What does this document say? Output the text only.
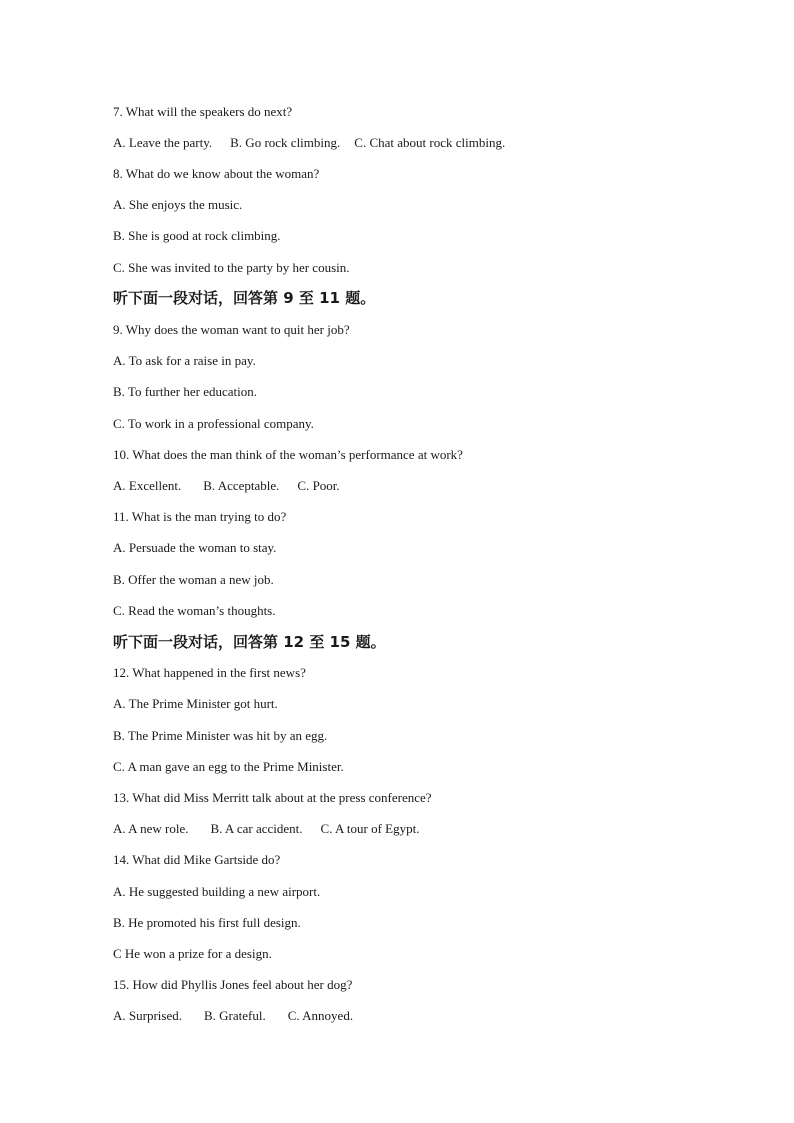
7. What will the speakers do next?
A. Leave the party. B. Go rock climbing. C. Chat about rock climbing.
8. What do we know about the woman?
A. She enjoys the music.
B. She is good at rock climbing.
C. She was invited to the party by her cousin.
听下面一段对话，回答第 9 至 11 题。
9. Why does the woman want to quit her job?
A. To ask for a raise in pay.
B. To further her education.
C. To work in a professional company.
10. What does the man think of the woman’s performance at work?
A. Excellent. B. Acceptable. C. Poor.
11. What is the man trying to do?
A. Persuade the woman to stay.
B. Offer the woman a new job.
C. Read the woman’s thoughts.
听下面一段对话，回答第 12 至 15 题。
12. What happened in the first news?
A. The Prime Minister got hurt.
B. The Prime Minister was hit by an egg.
C. A man gave an egg to the Prime Minister.
13. What did Miss Merritt talk about at the press conference?
A. A new role. B. A car accident. C. A tour of Egypt.
14. What did Mike Gartside do?
A. He suggested building a new airport.
B. He promoted his first full design.
C He won a prize for a design.
15. How did Phyllis Jones feel about her dog?
A. Surprised. B. Grateful. C. Annoyed.
